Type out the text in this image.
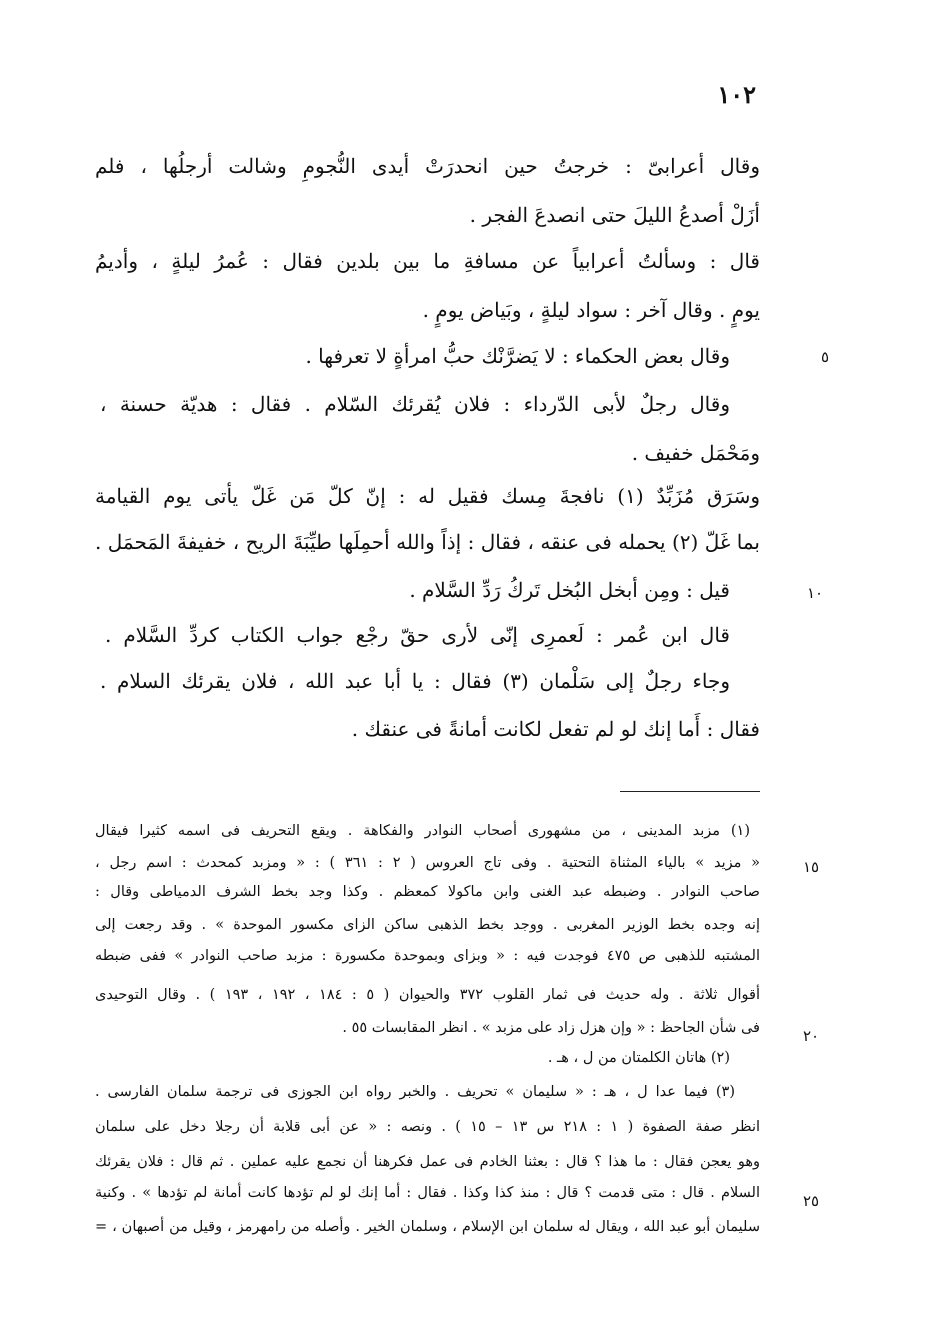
١٠٢
وقال أعرابىّ : خرجتُ حين انحدرَتْ أيدى النُّجومِ وشالت أرجلُها ، فلم
أزَلْ أصدعُ الليلَ حتى انصدعَ الفجر .
قال : وسألتُ أعرابياً عن مسافةِ ما بين بلدين فقال : عُمرُ ليلةٍ ، وأديمُ
يومٍ . وقال آخر : سواد ليلةٍ ، وبَياض يومٍ .
وقال بعض الحكماء : لا يَضرَّنْك حبُّ امرأةٍ لا تعرفها .
وقال رجلٌ لأبى الدّرداء : فلان يُقرئك السّلام . فقال : هديّة حسنة ،
ومَحْمَل خفيف .
وسَرَق مُزَبِّدٌ (١) نافجةَ مِسك فقيل له : إنّ كلّ مَن غَلّ يأتى يوم القيامة
بما غَلّ (٢) يحمله فى عنقه ، فقال : إذاً والله أحمِلَها طيِّبَةَ الريح ، خفيفةَ المَحمَل .
قيل : ومِن أبخل البُخل تَركُ رَدِّ السَّلام .
قال ابن عُمر : لَعمرِى إنّى لأرى حقّ رجْع جواب الكتاب كردِّ السَّلام .
وجاء رجلٌ إلى سَلْمان (٣) فقال : يا أبا عبد الله ، فلان يقرئك السلام .
فقال : أَما إنك لو لم تفعل لكانت أمانةً فى عنقك .
٥
١٠
(١) مزبد المدينى ، من مشهورى أصحاب النوادر والفكاهة . ويقع التحريف فى اسمه كثيرا فيقال
« مزيد » بالياء المثناة التحتية . وفى تاج العروس ( ٢ : ٣٦١ ) : « ومزبد كمحدث : اسم رجل ،
صاحب النوادر . وضبطه عبد الغنى وابن ماكولا كمعظم . وكذا وجد بخط الشرف الدمياطى وقال :
إنه وجده بخط الوزير المغربى . ووجد بخط الذهبى ساكن الزاى مكسور الموحدة » . وقد رجعت إلى
المشتبه للذهبى ص ٤٧٥ فوجدت فيه : « وبزاى وبموحدة مكسورة : مزبد صاحب النوادر » ففى ضبطه
أقوال ثلاثة . وله حديث فى ثمار القلوب ٣٧٢ والحيوان ( ٥ : ١٨٤ ، ١٩٢ ، ١٩٣ ) . وقال التوحيدى
فى شأن الجاحظ : « وإن هزل زاد على مزبد » . انظر المقابسات ٥٥ .
(٢) هاتان الكلمتان من ل ، هـ .
(٣) فيما عدا ل ، هـ : « سليمان » تحريف . والخبر رواه ابن الجوزى فى ترجمة سلمان الفارسى .
انظر صفة الصفوة ( ١ : ٢١٨ س ١٣ – ١٥ ) . ونصه : « عن أبى قلابة أن رجلا دخل على سلمان
وهو يعجن فقال : ما هذا ؟ قال : بعثنا الخادم فى عمل فكرهنا أن نجمع عليه عملين . ثم قال : فلان يقرئك
السلام . قال : متى قدمت ؟ قال : منذ كذا وكذا . فقال : أما إنك لو لم تؤدها كانت أمانة لم تؤدها » . وكنية
سليمان أبو عبد الله ، ويقال له سلمان ابن الإسلام ، وسلمان الخير . وأصله من رامهرمز ، وقيل من أصبهان ، =
١٥
٢٠
٢٥
